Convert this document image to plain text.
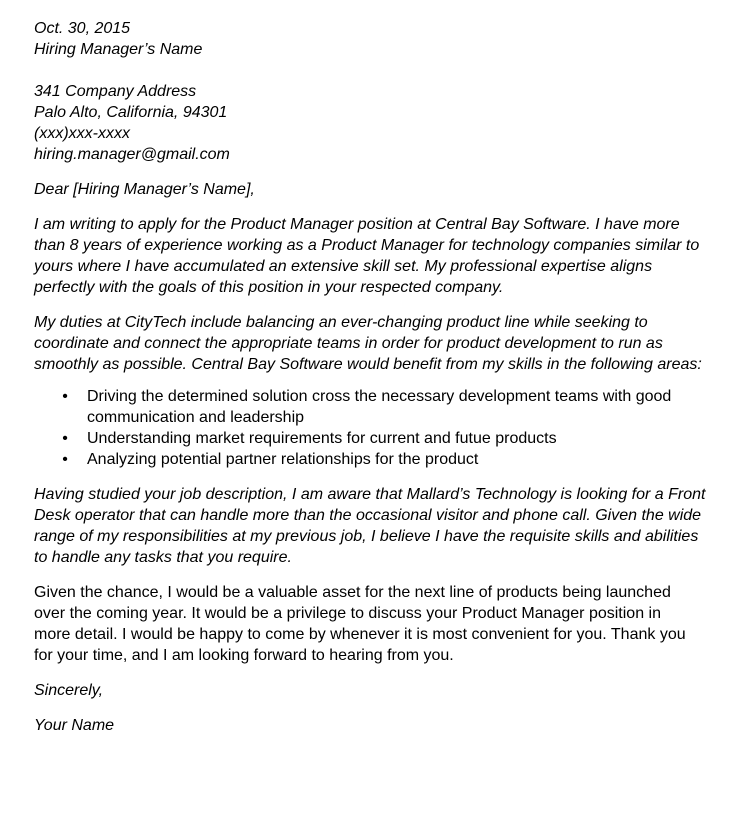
Oct. 30, 2015
Hiring Manager’s Name
341 Company Address
Palo Alto, California, 94301
(xxx)xxx-xxxx
hiring.manager@gmail.com
Dear [Hiring Manager’s Name],

I am writing to apply for the Product Manager position at Central Bay Software. I have more
than 8 years of experience working as a Product Manager for technology companies similar to
yours where I have accumulated an extensive skill set. My professional expertise aligns
perfectly with the goals of this position in your respected company.

My duties at CityTech include balancing an ever-changing product line while seeking to
coordinate and connect the appropriate teams in order for product development to run as
smoothly as possible. Central Bay Software would benefit from my skills in the following areas:

• Driving the determined solution cross the necessary development teams with good
communication and leadership
• Understanding market requirements for current and futue products
• Analyzing potential partner relationships for the product

Having studied your job description, I am aware that Mallard’s Technology is looking for a Front
Desk operator that can handle more than the occasional visitor and phone call. Given the wide
range of my responsibilities at my previous job, I believe I have the requisite skills and abilities
to handle any tasks that you require.

Given the chance, I would be a valuable asset for the next line of products being launched
over the coming year. It would be a privilege to discuss your Product Manager position in
more detail. I would be happy to come by whenever it is most convenient for you. Thank you
for your time, and I am looking forward to hearing from you.

Sincerely,
Your Name
